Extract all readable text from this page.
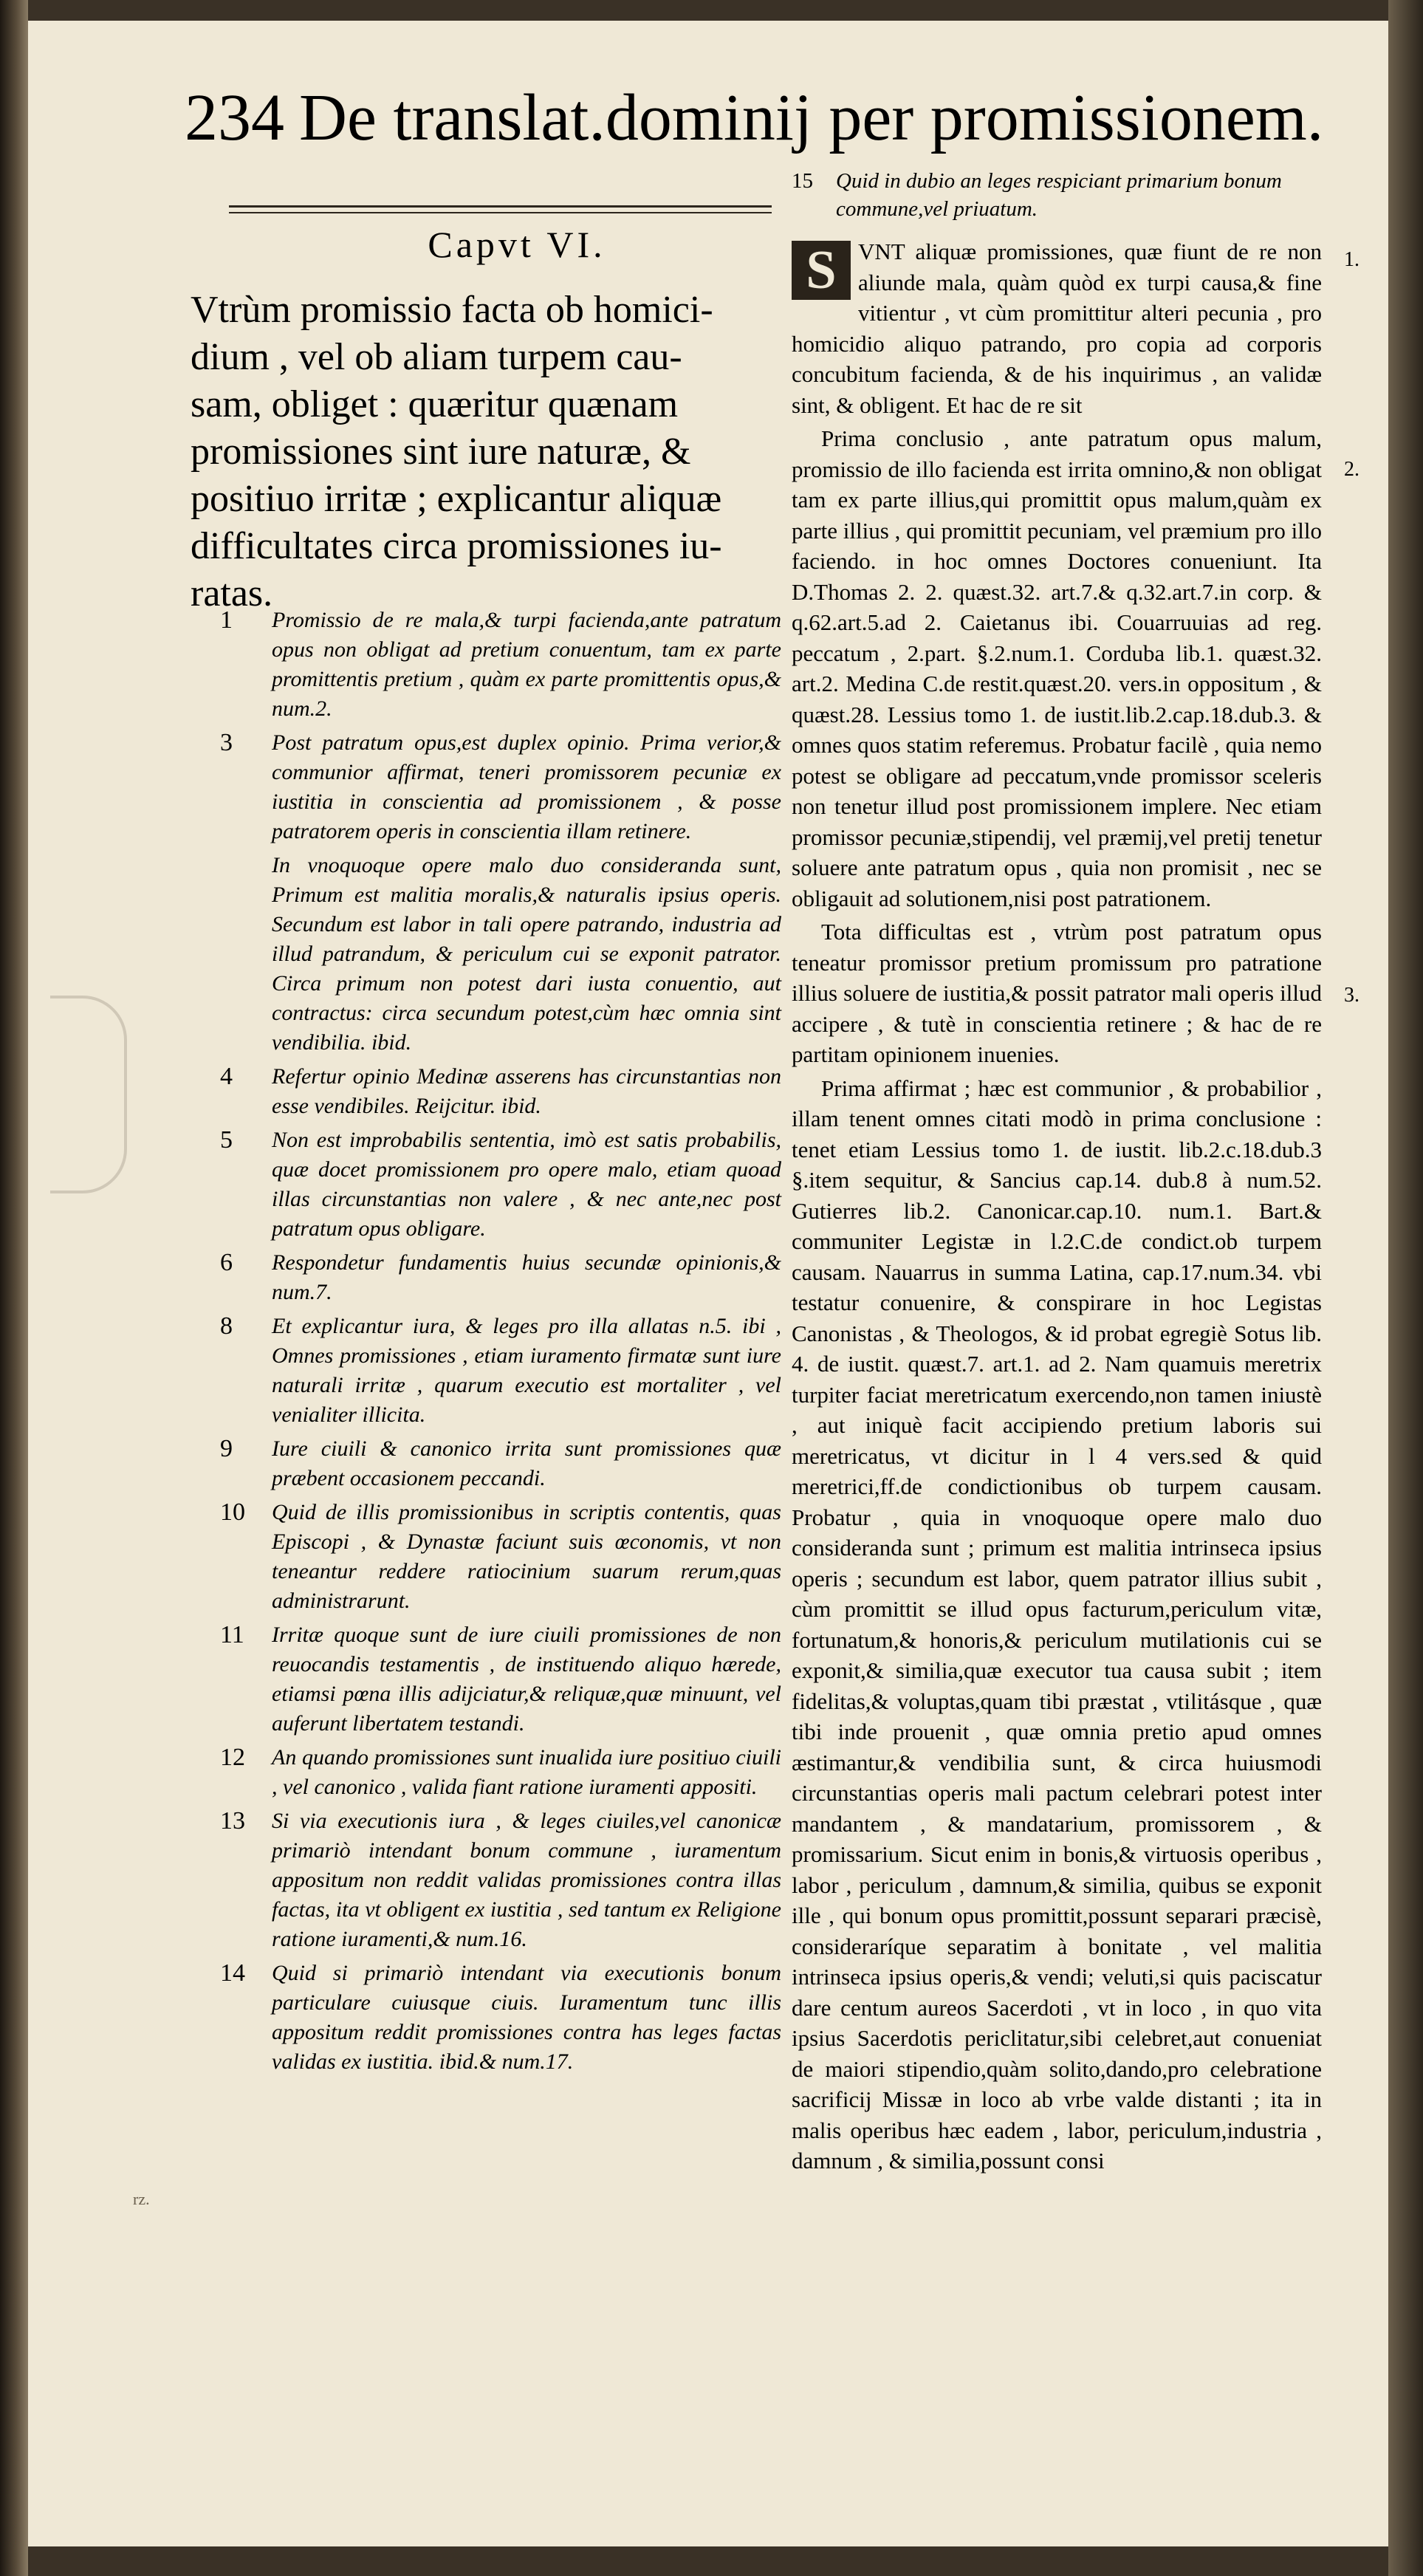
234 De translat.dominij per promissionem.
Capvt VI.
Vtrùm promissio facta ob homici-
dium , vel ob aliam turpem cau-
sam, obliget : quæritur quænam
promissiones sint iure naturæ, &
positiuo irritæ ; explicantur aliquæ
difficultates circa promissiones iu-
ratas.
1	Promissio de re mala,& turpi facienda,ante patratum opus non obligat ad pretium conuentum, tam ex parte promittentis pretium , quàm ex parte promittentis opus,& num.2.
3	Post patratum opus,est duplex opinio. Prima verior,& communior affirmat, teneri promissorem pecuniæ ex iustitia in conscientia ad promissionem , & posse patratorem operis in conscientia illam retinere.
In vnoquoque opere malo duo consideranda sunt, Primum est malitia moralis,& naturalis ipsius operis. Secundum est labor in tali opere patrando, industria ad illud patrandum, & periculum cui se exponit patrator. Circa primum non potest dari iusta conuentio, aut contractus: circa secundum potest,cùm hæc omnia sint vendibilia. ibid.
4	Refertur opinio Medinæ asserens has circunstantias non esse vendibiles. Reijcitur. ibid.
5	Non est improbabilis sententia, imò est satis probabilis, quæ docet promissionem pro opere malo, etiam quoad illas circunstantias non valere , & nec ante,nec post patratum opus obligare.
6	Respondetur fundamentis huius secundæ opinionis,& num.7.
8	Et explicantur iura, & leges pro illa allatas n.5. ibi , Omnes promissiones , etiam iuramento firmatæ sunt iure naturali irritæ , quarum executio est mortaliter , vel venialiter illicita.
9	Iure ciuili & canonico irrita sunt promissiones quæ præbent occasionem peccandi.
10	Quid de illis promissionibus in scriptis contentis, quas Episcopi , & Dynastæ faciunt suis œconomis, vt non teneantur reddere ratiocinium suarum rerum,quas administrarunt.
11	Irritæ quoque sunt de iure ciuili promissiones de non reuocandis testamentis , de instituendo aliquo hærede, etiamsi pœna illis adijciatur,& reliquæ,quæ minuunt, vel auferunt libertatem testandi.
12	An quando promissiones sunt inualida iure positiuo ciuili , vel canonico , valida fiant ratione iuramenti appositi.
13	Si via executionis iura , & leges ciuiles,vel canonicæ primariò intendant bonum commune , iuramentum appositum non reddit validas promissiones contra illas factas, ita vt obligent ex iustitia , sed tantum ex Religione ratione iuramenti,& num.16.
14	Quid si primariò intendant via executionis bonum particulare cuiusque ciuis. Iuramentum tunc illis appositum reddit promissiones contra has leges factas validas ex iustitia. ibid.& num.17.
15 Quid in dubio an leges respiciant primarium bonum commune,vel priuatum.

S VNT aliquæ promissiones, quæ fiunt de re non aliunde mala, quàm quòd ex turpi causa,& fine vitientur , vt cùm promittitur alteri pecunia , pro homicidio aliquo patrando, pro copia ad corporis concubitum facienda, & de his inquirimus , an validæ sint, & obligent. Et hac de re sit

Prima conclusio , ante patratum opus malum, promissio de illo facienda est irrita omnino,& non obligat tam ex parte illius,qui promittit opus malum,quàm ex parte illius , qui promittit pecuniam, vel præmium pro illo faciendo. in hoc omnes Doctores conueniunt. Ita D.Thomas 2. 2. quæst.32. art.7.& q.32.art.7.in corp. & q.62.art.5.ad 2. Caietanus ibi. Couarruuias ad reg. peccatum , 2.part. §.2.num.1. Corduba lib.1. quæst.32. art.2. Medina C.de restit.quæst.20. vers.in oppositum , & quæst.28. Lessius tomo 1. de iustit.lib.2.cap.18.dub.3. & omnes quos statim referemus. Probatur facilè , quia nemo potest se obligare ad peccatum,vnde promissor sceleris non tenetur illud post promissionem implere. Nec etiam promissor pecuniæ,stipendij, vel præmij,vel pretij tenetur soluere ante patratum opus , quia non promisit , nec se obligauit ad solutionem,nisi post patrationem.

Tota difficultas est , vtrùm post patratum opus teneatur promissor pretium promissum pro patratione illius soluere de iustitia,& possit patrator mali operis illud accipere , & tutè in conscientia retinere ; & hac de re partitam opinionem inuenies.

Prima affirmat ; hæc est communior , & probabilior , illam tenent omnes citati modò in prima conclusione : tenet etiam Lessius tomo 1. de iustit. lib.2.c.18.dub.3 §.item sequitur, & Sancius cap.14. dub.8 à num.52. Gutierres lib.2. Canonicar.cap.10. num.1. Bart.& communiter Legistæ in l.2.C.de condict.ob turpem causam. Nauarrus in summa Latina, cap.17.num.34. vbi testatur conuenire, & conspirare in hoc Legistas Canonistas , & Theologos, & id probat egregiè Sotus lib. 4. de iustit. quæst.7. art.1. ad 2. Nam quamuis meretrix turpiter faciat meretricatum exercendo,non tamen iniustè , aut iniquè facit accipiendo pretium laboris sui meretricatus, vt dicitur in l 4 vers.sed & quid meretrici,ff.de condictionibus ob turpem causam. Probatur , quia in vnoquoque opere malo duo consideranda sunt ; primum est malitia intrinseca ipsius operis ; secundum est labor, quem patrator illius subit , cùm promittit se illud opus facturum,periculum vitæ, fortunatum,& honoris,& periculum mutilationis cui se exponit,& similia,quæ executor tua causa subit ; item fidelitas,& voluptas,quam tibi præstat , vtilitásque , quæ tibi inde prouenit , quæ omnia pretio apud omnes æstimantur,& vendibilia sunt, & circa huiusmodi circunstantias operis mali pactum celebrari potest inter mandantem , & mandatarium, promissorem , & promissarium. Sicut enim in bonis,& virtuosis operibus , labor , periculum , damnum,& similia, quibus se exponit ille , qui bonum opus promittit,possunt separari præcisè, consideraríque separatim à bonitate , vel malitia intrinseca ipsius operis,& vendi; veluti,si quis paciscatur dare centum aureos Sacerdoti , vt in loco , in quo vita ipsius Sacerdotis periclitatur,sibi celebret,aut conueniat de maiori stipendio,quàm solito,dando,pro celebratione sacrificij Missæ in loco ab vrbe valde distanti ; ita in malis operibus hæc eadem , labor, periculum,industria , damnum , & similia,possunt consi

1.
2.
3.
rz.
